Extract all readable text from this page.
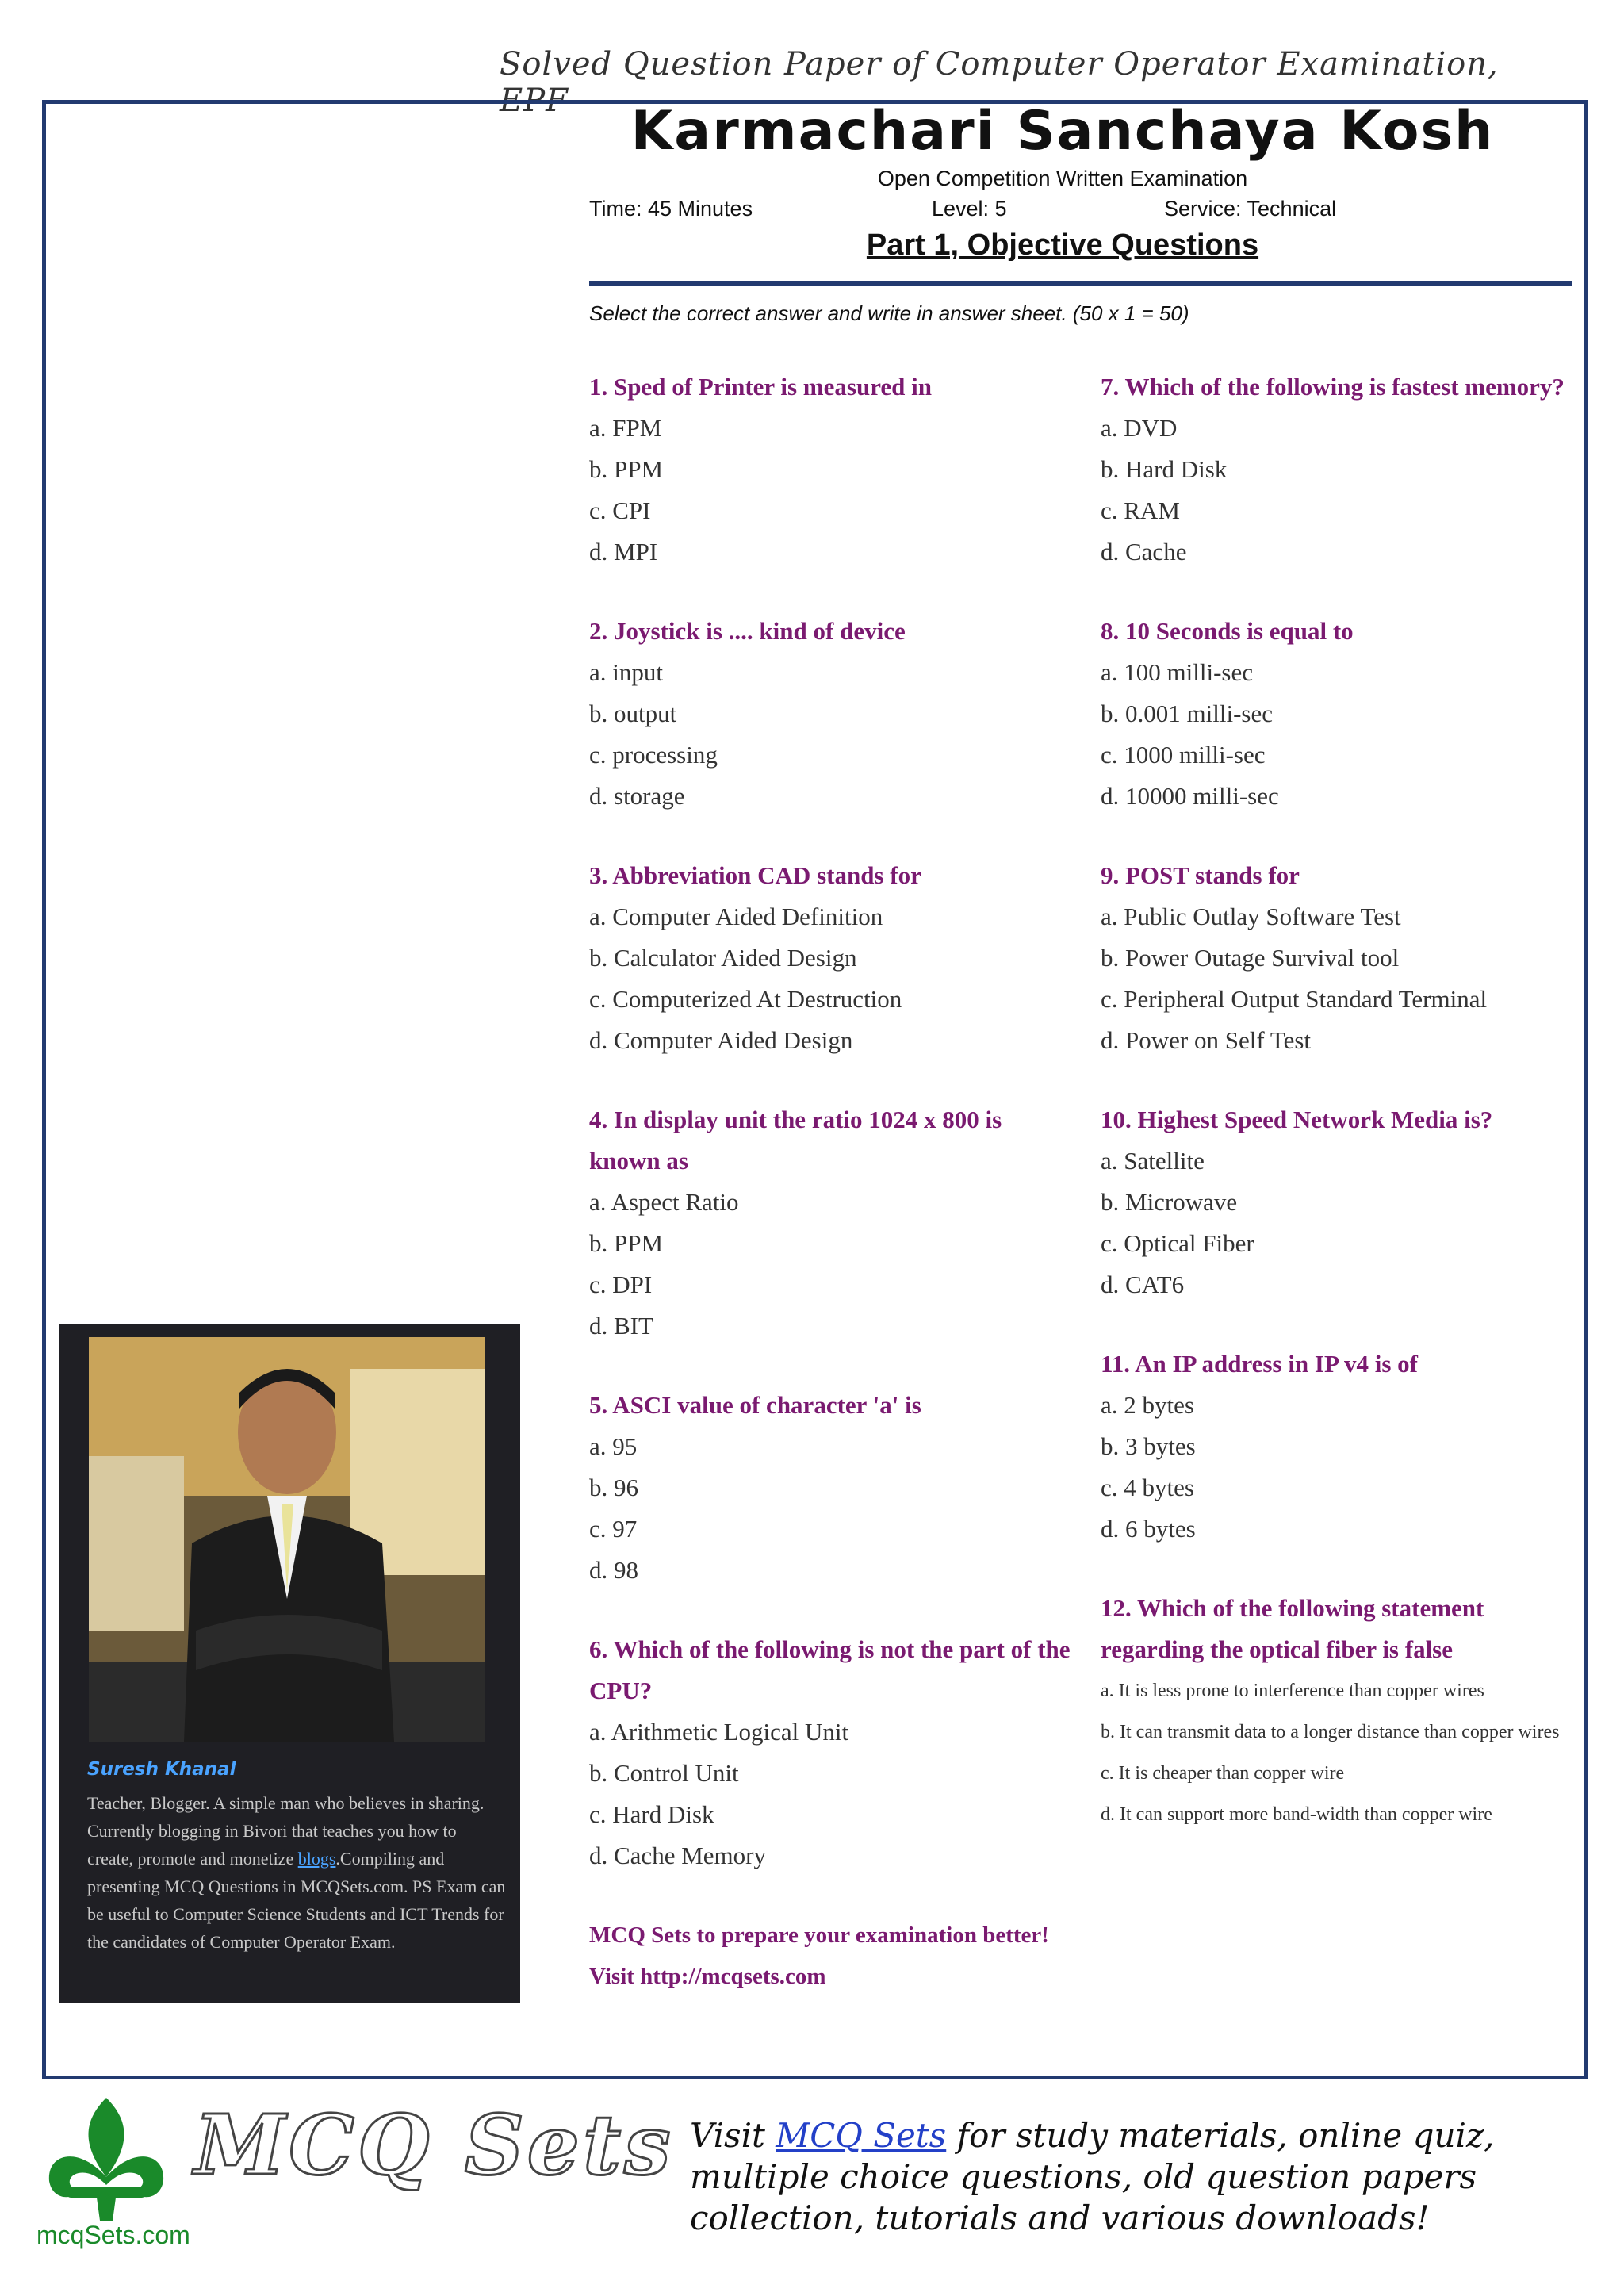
Solved Question Paper of Computer Operator Examination, EPF	Karmachari Sanchaya Kosh
Open Competition Written Examination
Time: 45 Minutes	Level: 5	Service: Technical
Part 1, Objective Questions
Select the correct answer and write in answer sheet. (50 x 1 = 50)
1. Sped of Printer is measured in
a. FPM
b. PPM
c. CPI
d. MPI
2. Joystick is .... kind of device
a. input
b. output
c. processing
d. storage
3. Abbreviation CAD stands for
a. Computer Aided Definition
b. Calculator Aided Design
c. Computerized At Destruction
d. Computer Aided Design
4. In display unit the ratio 1024 x 800 is known as
a. Aspect Ratio
b. PPM
c. DPI
d. BIT
5. ASCI value of character 'a' is
a. 95
b. 96
c. 97
d. 98
6. Which of the following is not the part of the CPU?
a. Arithmetic Logical Unit
b. Control Unit
c. Hard Disk
d. Cache Memory
MCQ Sets to prepare your examination better! Visit http://mcqsets.com
7. Which of the following is fastest memory?
a. DVD
b. Hard Disk
c. RAM
d. Cache
8. 10 Seconds is equal to
a. 100 milli-sec
b. 0.001 milli-sec
c. 1000 milli-sec
d. 10000 milli-sec
9. POST stands for
a. Public Outlay Software Test
b. Power Outage Survival tool
c. Peripheral Output Standard Terminal
d. Power on Self Test
10. Highest Speed Network Media is?
a. Satellite
b. Microwave
c. Optical Fiber
d. CAT6
11. An IP address in IP v4 is of
a. 2 bytes
b. 3 bytes
c. 4 bytes
d. 6 bytes
12. Which of the following statement regarding the optical fiber is false
a. It is less prone to interference than copper wires
b. It can transmit data to a longer distance than copper wires
c. It is cheaper than copper wire
d. It can support more band-width than copper wire
Suresh Khanal
Teacher, Blogger. A simple man who believes in sharing. Currently blogging in Bivori that teaches you how to create, promote and monetize blogs.Compiling and presenting MCQ Questions in MCQSets.com. PS Exam can be useful to Computer Science Students and ICT Trends for the candidates of Computer Operator Exam.
MCQ Sets
mcqSets.com
Visit MCQ Sets for study materials, online quiz, multiple choice questions, old question papers collection, tutorials and various downloads!
